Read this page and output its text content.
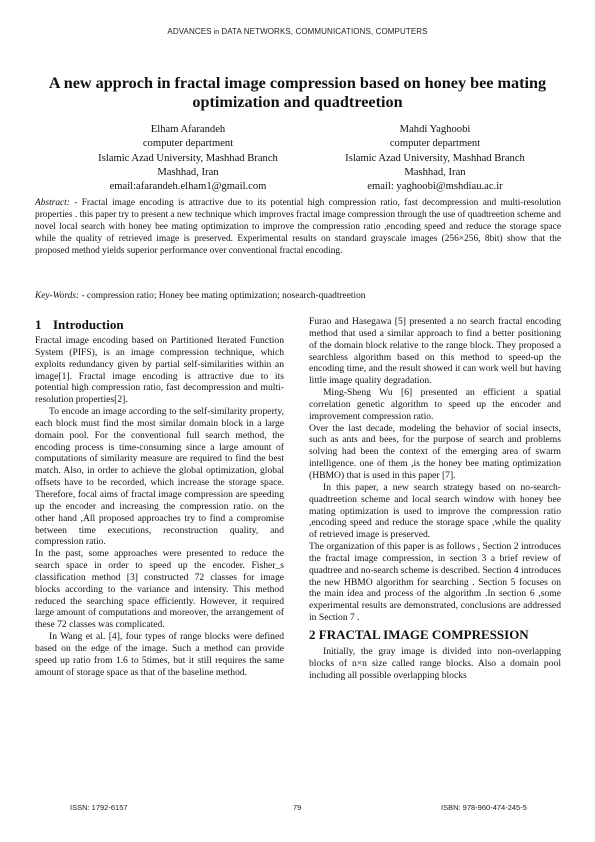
ADVANCES in DATA NETWORKS, COMMUNICATIONS, COMPUTERS
A new approch in fractal image compression based on honey bee mating optimization and quadtreetion
Elham Afarandeh
computer department
Islamic Azad University, Mashhad Branch
Mashhad, Iran
email:afarandeh.elham1@gmail.com
Mahdi Yaghoobi
computer department
Islamic Azad University, Mashhad Branch
Mashhad, Iran
email: yaghoobi@mshdiau.ac.ir
Abstract: - Fractal image encoding is attractive due to its potential high compression ratio, fast decompression and multi-resolution properties . this paper try to present a new technique which improves fractal image compression through the use of quadtreetion scheme and novel local search with honey bee mating optimization to improve the compression ratio ,encoding speed and reduce the storage space while the quality of retrieved image is preserved. Experimental results on standard grayscale images (256×256, 8bit) show that the proposed method yields superior performance over conventional fractal encoding.
Key-Words: - compression ratio; Honey bee mating optimization; nosearch-quadtreetion
1 Introduction

Fractal image encoding based on Partitioned Iterated Function System (PIFS), is an image compression technique, which exploits redundancy given by partial self-similarities within an image[1]. Fractal image encoding is attractive due to its potential high compression ratio, fast decompression and multi-resolution properties[2].

To encode an image according to the self-similarity property, each block must find the most similar domain block in a large domain pool. For the conventional full search method, the encoding process is time-consuming since a large amount of computations of similarity measure are required to find the best match. Also, in order to achieve the global optimization, global offsets have to be recorded, which increase the storage space. Therefore, focal aims of fractal image compression are speeding up the encoder and increasing the compression ratio. on the other hand ,All proposed approaches try to find a compromise between time executions, reconstruction quality, and compression ratio.

In the past, some approaches were presented to reduce the search space in order to speed up the encoder. Fisher_s classification method [3] constructed 72 classes for image blocks according to the variance and intensity. This method reduced the searching space efficiently. However, it required large amount of computations and moreover, the arrangement of these 72 classes was complicated.

In Wang et al. [4], four types of range blocks were defined based on the edge of the image. Such a method can provide speed up ratio from 1.6 to 5times, but it still requires the same amount of storage space as that of the baseline method.

Furao and Hasegawa [5] presented a no search fractal encoding method that used a similar approach to find a better positioning of the domain block relative to the range block. They proposed a searchless algorithm based on this method to speed-up the encoding time, and the result showed it can work well but having little image quality degradation.

Ming-Sheng Wu [6] presented an efficient a spatial correlation genetic algorithm to speed up the encoder and improvement compression ratio.

Over the last decade, modeling the behavior of social insects, such as ants and bees, for the purpose of search and problems solving had been the context of the emerging area of swarm intelligence. one of them ,is the honey bee mating optimization (HBMO) that is used in this paper [7].

In this paper, a new search strategy based on no-search-quadtreetion scheme and local search window with honey bee mating optimization is used to improve the compression ratio ,encoding speed and reduce the storage space ,while the quality of retrieved image is preserved.

The organization of this paper is as follows , Section 2 introduces the fractal image compression, in section 3 a brief review of quadtree and no-search scheme is described. Section 4 introduces the new HBMO algorithm for searching . Section 5 focuses on the main idea and process of the algorithm .In section 6 ,some experimental results are demonstrated, conclusions are addressed in Section 7 .

2 FRACTAL IMAGE COMPRESSION

Initially, the gray image is divided into non-overlapping blocks of n×n size called range blocks. Also a domain pool including all possible overlapping blocks

ISSN: 1792-6157	79	ISBN: 978-960-474-245-5
